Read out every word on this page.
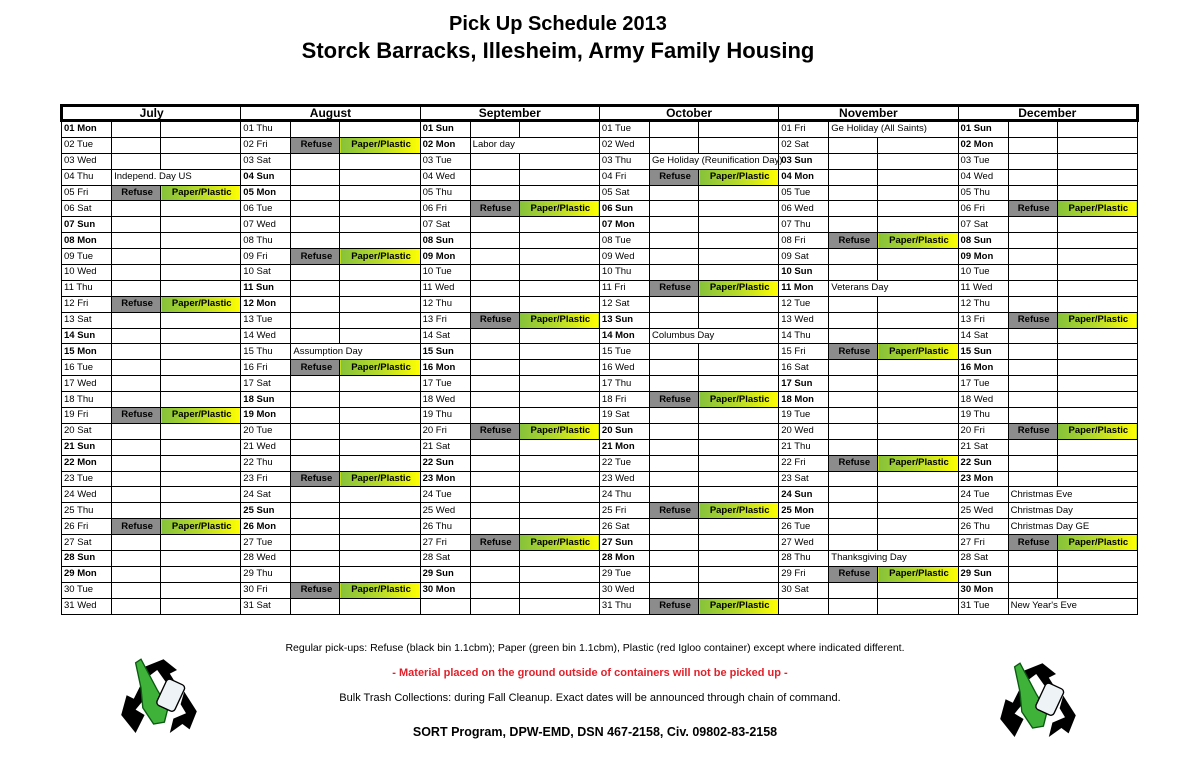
Pick Up Schedule 2013
Storck Barracks, Illesheim, Army Family Housing
July			August			September			October			November			December		
01 Mon			01 Thu			01 Sun			01 Tue			01 Fri	Ge Holiday (All Saints)		01 Sun		
02 Tue			02 Fri	Refuse	Paper/Plastic	02 Mon	Labor day		02 Wed			02 Sat			02 Mon		
03 Wed			03 Sat			03 Tue			03 Thu	Ge Holiday (Reunification Day)		03 Sun			03 Tue		
04 Thu	Independ. Day US		04 Sun			04 Wed			04 Fri	Refuse	Paper/Plastic	04 Mon			04 Wed		
05 Fri	Refuse	Paper/Plastic	05 Mon			05 Thu			05 Sat			05 Tue			05 Thu		
06 Sat			06 Tue			06 Fri	Refuse	Paper/Plastic	06 Sun			06 Wed			06 Fri	Refuse	Paper/Plastic
07 Sun			07 Wed			07 Sat			07 Mon			07 Thu			07 Sat		
08 Mon			08 Thu			08 Sun			08 Tue			08 Fri	Refuse	Paper/Plastic	08 Sun		
09 Tue			09 Fri	Refuse	Paper/Plastic	09 Mon			09 Wed			09 Sat			09 Mon		
10 Wed			10 Sat			10 Tue			10 Thu			10 Sun			10 Tue		
11 Thu			11 Sun			11 Wed			11 Fri	Refuse	Paper/Plastic	11 Mon	Veterans Day		11 Wed		
12 Fri	Refuse	Paper/Plastic	12 Mon			12 Thu			12 Sat			12 Tue			12 Thu		
13 Sat			13 Tue			13 Fri	Refuse	Paper/Plastic	13 Sun			13 Wed			13 Fri	Refuse	Paper/Plastic
14 Sun			14 Wed			14 Sat			14 Mon	Columbus Day		14 Thu			14 Sat		
15 Mon			15 Thu	Assumption Day		15 Sun			15 Tue			15 Fri	Refuse	Paper/Plastic	15 Sun		
16 Tue			16 Fri	Refuse	Paper/Plastic	16 Mon			16 Wed			16 Sat			16 Mon		
17 Wed			17 Sat			17 Tue			17 Thu			17 Sun			17 Tue		
18 Thu			18 Sun			18 Wed			18 Fri	Refuse	Paper/Plastic	18 Mon			18 Wed		
19 Fri	Refuse	Paper/Plastic	19 Mon			19 Thu			19 Sat			19 Tue			19 Thu		
20 Sat			20 Tue			20 Fri	Refuse	Paper/Plastic	20 Sun			20 Wed			20 Fri	Refuse	Paper/Plastic
21 Sun			21 Wed			21 Sat			21 Mon			21 Thu			21 Sat		
22 Mon			22 Thu			22 Sun			22 Tue			22 Fri	Refuse	Paper/Plastic	22 Sun		
23 Tue			23 Fri	Refuse	Paper/Plastic	23 Mon			23 Wed			23 Sat			23 Mon		
24 Wed			24 Sat			24 Tue			24 Thu			24 Sun			24 Tue	Christmas Eve	
25 Thu			25 Sun			25 Wed			25 Fri	Refuse	Paper/Plastic	25 Mon			25 Wed	Christmas Day	
26 Fri	Refuse	Paper/Plastic	26 Mon			26 Thu			26 Sat			26 Tue			26 Thu	Christmas Day GE	
27 Sat			27 Tue			27 Fri	Refuse	Paper/Plastic	27 Sun			27 Wed			27 Fri	Refuse	Paper/Plastic
28 Sun			28 Wed			28 Sat			28 Mon			28 Thu	Thanksgiving Day		28 Sat		
29 Mon			29 Thu			29 Sun			29 Tue			29 Fri	Refuse	Paper/Plastic	29 Sun		
30 Tue			30 Fri	Refuse	Paper/Plastic	30 Mon			30 Wed			30 Sat			30 Mon		
31 Wed			31 Sat						31 Thu	Refuse	Paper/Plastic				31 Tue	New Year's Eve	
Regular pick-ups: Refuse (black bin 1.1cbm); Paper (green bin 1.1cbm), Plastic (red Igloo container) except where indicated different.
- Material placed on the ground outside of containers will not be picked up -
Bulk Trash Collections: during Fall Cleanup. Exact dates will be announced through chain of command.
SORT Program, DPW-EMD, DSN 467-2158, Civ. 09802-83-2158
